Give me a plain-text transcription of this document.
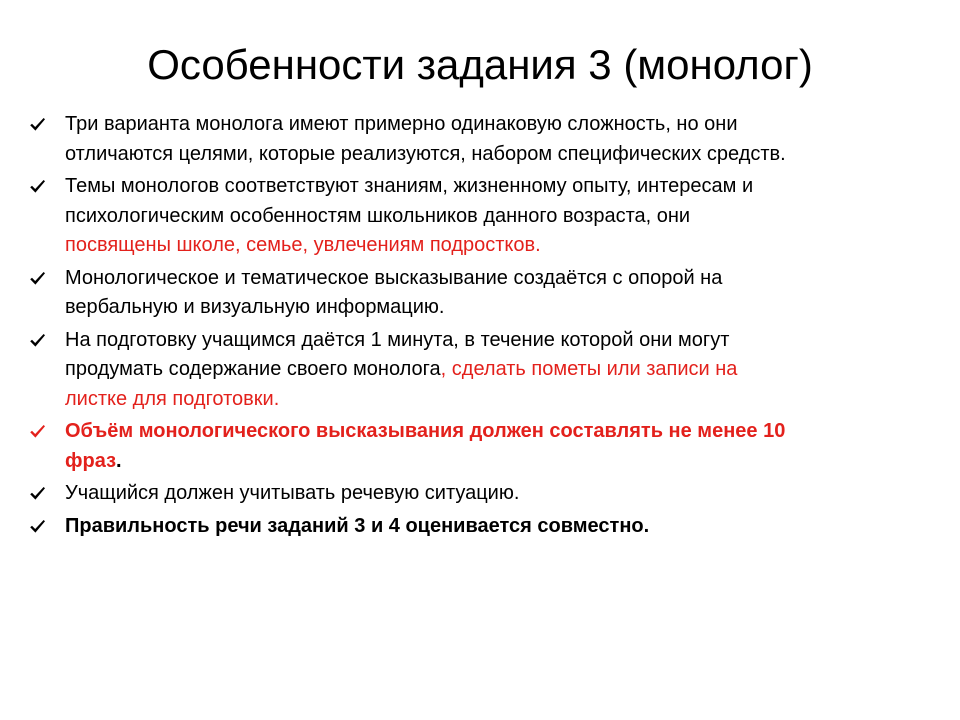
Особенности задания 3 (монолог)
Три варианта монолога имеют примерно одинаковую сложность, но они
отличаются целями, которые реализуются, набором специфических средств.
Темы монологов соответствуют знаниям, жизненному опыту, интересам и
психологическим особенностям школьников данного возраста, они
посвящены школе, семье, увлечениям подростков.
Монологическое и тематическое высказывание создаётся с опорой на
вербальную и визуальную информацию.
На подготовку учащимся даётся 1 минута, в течение которой они могут
продумать содержание своего монолога, сделать пометы или записи на
листке для подготовки.
Объём монологического высказывания должен составлять не менее 10
фраз.
Учащийся должен учитывать речевую ситуацию.
Правильность речи заданий 3 и 4 оценивается совместно.
